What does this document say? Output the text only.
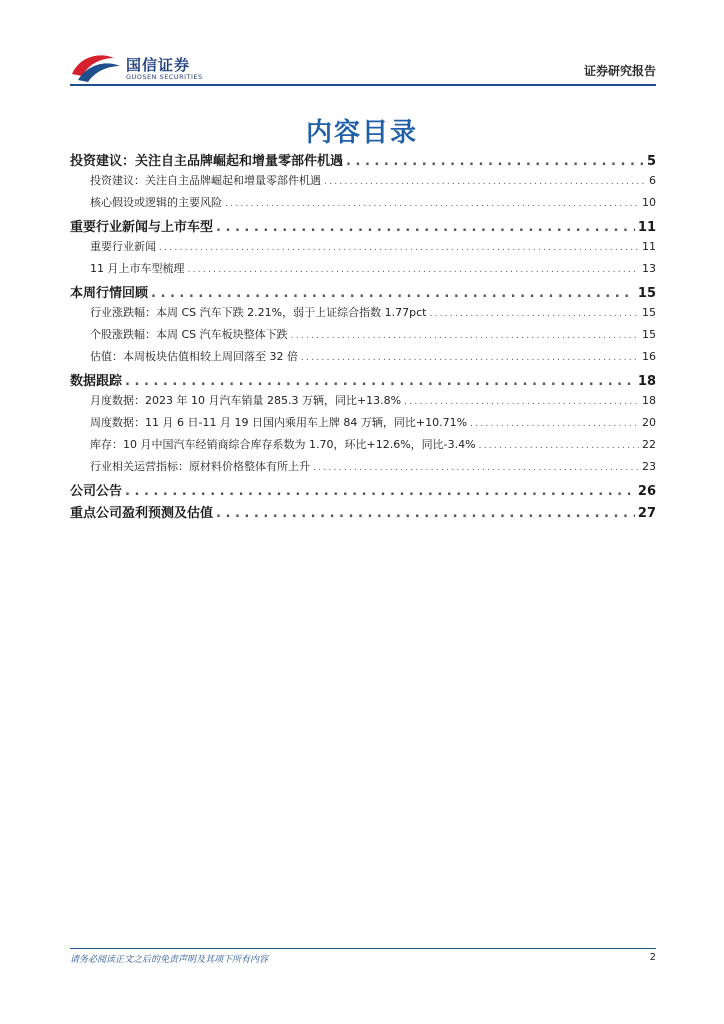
国信证券
GUOSEN SECURITIES	证券研究报告
内容目录
投资建议：关注自主品牌崛起和增量零部件机遇 . . .	5
投资建议：关注自主品牌崛起和增量零部件机遇 . . .	6
核心假设或逻辑的主要风险 . . .	10
重要行业新闻与上市车型 . . .	11
重要行业新闻 . . .	11
11 月上市车型梳理 . . .	13
本周行情回顾 . . .	15
行业涨跌幅：本周 CS 汽车下跌 2.21%，弱于上证综合指数 1.77pct . . .	15
个股涨跌幅：本周 CS 汽车板块整体下跌 . . .	15
估值：本周板块估值相较上周回落至 32 倍 . . .	16
数据跟踪 . . .	18
月度数据：2023 年 10 月汽车销量 285.3 万辆，同比+13.8% . . .	18
周度数据：11 月 6 日-11 月 19 日国内乘用车上牌 84 万辆，同比+10.71% . . .	20
库存：10 月中国汽车经销商综合库存系数为 1.70，环比+12.6%，同比-3.4% . . .	22
行业相关运营指标：原材料价格整体有所上升 . . .	23
公司公告 . . .	26
重点公司盈利预测及估值 . . .	27
请务必阅读正文之后的免责声明及其项下所有内容	2
